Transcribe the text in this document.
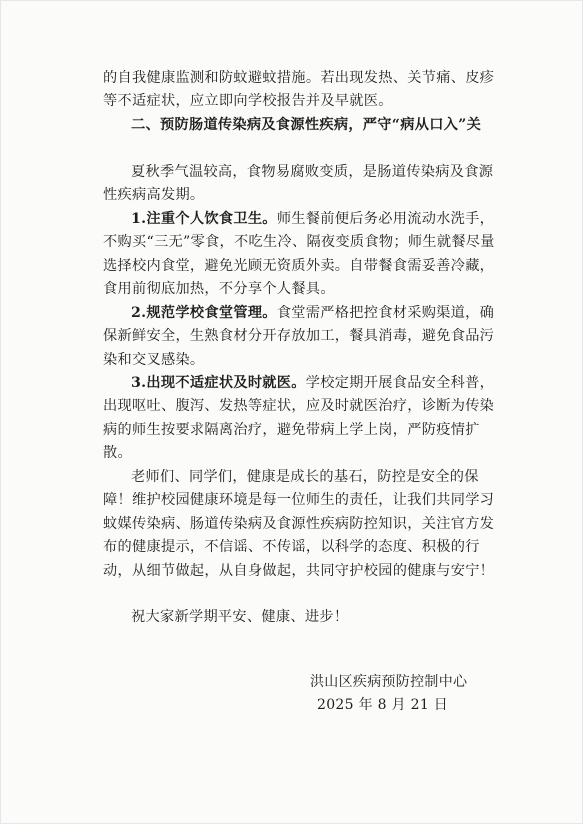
的自我健康监测和防蚊避蚊措施。若出现发热、关节痛、皮疹等不适症状，应立即向学校报告并及早就医。
二、预防肠道传染病及食源性疾病，严守“病从口入”关
夏秋季气温较高，食物易腐败变质，是肠道传染病及食源性疾病高发期。
1.注重个人饮食卫生。师生餐前便后务必用流动水洗手，不购买“三无”零食，不吃生冷、隔夜变质食物；师生就餐尽量选择校内食堂，避免光顾无资质外卖。自带餐食需妥善冷藏，食用前彻底加热，不分享个人餐具。
2.规范学校食堂管理。食堂需严格把控食材采购渠道，确保新鲜安全，生熟食材分开存放加工，餐具消毒，避免食品污染和交叉感染。
3.出现不适症状及时就医。学校定期开展食品安全科普，出现呕吐、腹泻、发热等症状，应及时就医治疗，诊断为传染病的师生按要求隔离治疗，避免带病上学上岗，严防疫情扩散。
老师们、同学们，健康是成长的基石，防控是安全的保障！维护校园健康环境是每一位师生的责任，让我们共同学习蚊媒传染病、肠道传染病及食源性疾病防控知识，关注官方发布的健康提示，不信谣、不传谣，以科学的态度、积极的行动，从细节做起，从自身做起，共同守护校园的健康与安宁！
祝大家新学期平安、健康、进步！
洪山区疾病预防控制中心
2025 年 8 月 21 日
